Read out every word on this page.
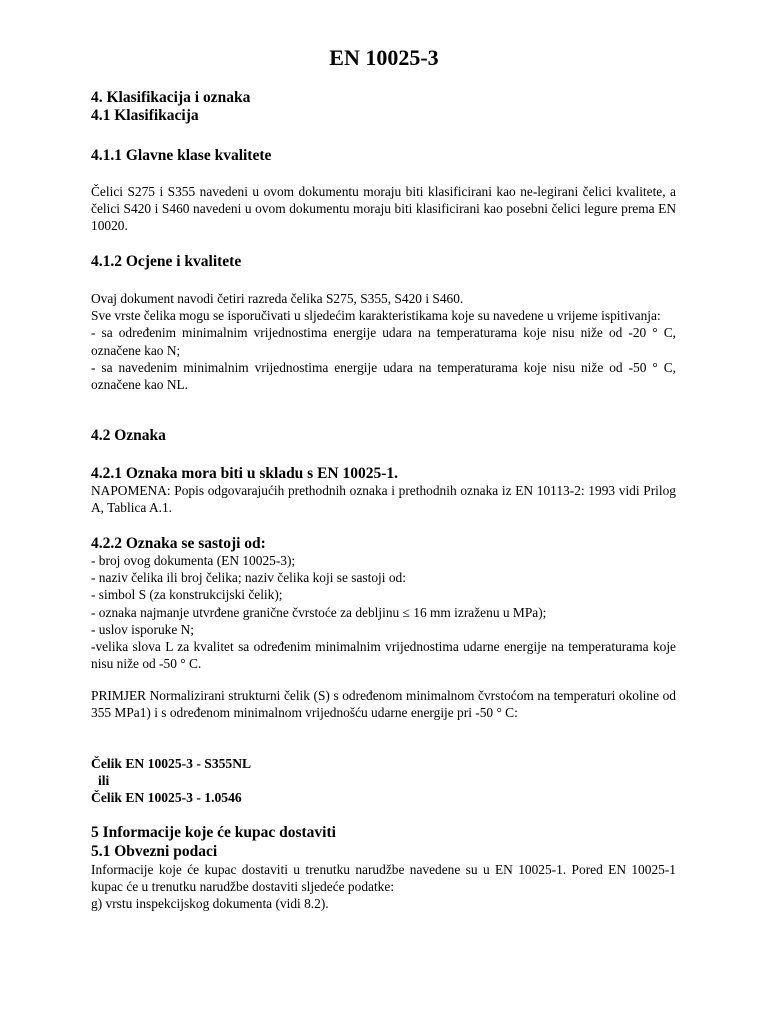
EN 10025-3
4. Klasifikacija i oznaka
4.1 Klasifikacija
4.1.1 Glavne klase kvalitete

Čelici S275 i S355 navedeni u ovom dokumentu moraju biti klasificirani kao ne-legirani čelici kvalitete, a čelici S420 i S460 navedeni u ovom dokumentu moraju biti klasificirani kao posebni čelici legure prema EN 10020.

4.1.2 Ocjene i kvalitete

Ovaj dokument navodi četiri razreda čelika S275, S355, S420 i S460.
Sve vrste čelika mogu se isporučivati u sljedećim karakteristikama koje su navedene u vrijeme ispitivanja:
- sa određenim minimalnim vrijednostima energije udara na temperaturama koje nisu niže od -20 ° C, označene kao N;
- sa navedenim minimalnim vrijednostima energije udara na temperaturama koje nisu niže od -50 ° C, označene kao NL.

4.2 Oznaka
4.2.1 Oznaka mora biti u skladu s EN 10025-1.

NAPOMENA: Popis odgovarajućih prethodnih oznaka i prethodnih oznaka iz EN 10113-2: 1993 vidi Prilog A, Tablica A.1.

4.2.2 Oznaka se sastoji od:

- broj ovog dokumenta (EN 10025-3);
- naziv čelika ili broj čelika; naziv čelika koji se sastoji od:
- simbol S (za konstrukcijski čelik);
- oznaka najmanje utvrđene granične čvrstoće za debljinu ≤ 16 mm izraženu u MPa);
- uslov isporuke N;
-velika slova L za kvalitet sa određenim minimalnim vrijednostima udarne energije na temperaturama koje nisu niže od -50 ° C.

PRIMJER Normalizirani strukturni čelik (S) s određenom minimalnom čvrstoćom na temperaturi okoline od 355 MPa1) i s određenom minimalnom vrijednošću udarne energije pri -50 ° C:

Čelik EN 10025-3 - S355NL

ili

Čelik EN 10025-3 - 1.0546

5 Informacije koje će kupac dostaviti
5.1 Obvezni podaci

Informacije koje će kupac dostaviti u trenutku narudžbe navedene su u EN 10025-1. Pored EN 10025-1 kupac će u trenutku narudžbe dostaviti sljedeće podatke:
g) vrstu inspekcijskog dokumenta (vidi 8.2).
